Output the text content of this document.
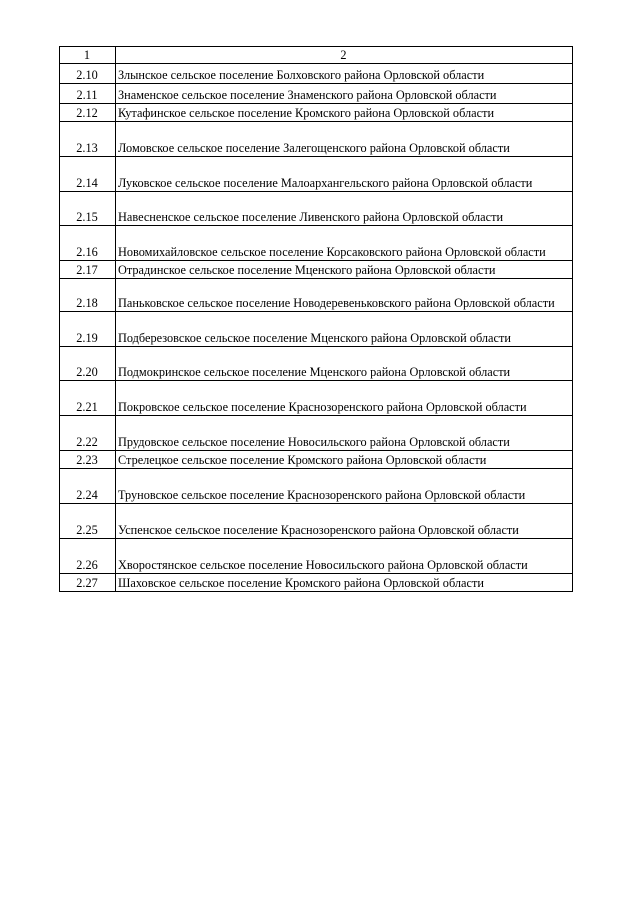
1	2
2.10	Злынское сельское поселение Болховского района Орловской области
2.11	Знаменское сельское поселение Знаменского района Орловской области
2.12	Кутафинское сельское поселение Кромского района Орловской области
2.13	Ломовское сельское поселение Залегощенского района Орловской области
2.14	Луковское сельское поселение Малоархангельского района Орловской области
2.15	Навесненское сельское поселение Ливенского района Орловской области
2.16	Новомихайловское сельское поселение Корсаковского района Орловской области
2.17	Отрадинское сельское поселение Мценского района Орловской области
2.18	Паньковское сельское поселение Новодеревеньковского района Орловской области
2.19	Подберезовское сельское поселение Мценского района Орловской области
2.20	Подмокринское сельское поселение Мценского района Орловской области
2.21	Покровское сельское поселение Краснозоренского района Орловской области
2.22	Прудовское сельское поселение Новосильского района Орловской области
2.23	Стрелецкое сельское поселение Кромского района Орловской области
2.24	Труновское сельское поселение Краснозоренского района Орловской области
2.25	Успенское сельское поселение Краснозоренского района Орловской области
2.26	Хворостянское сельское поселение Новосильского района Орловской области
2.27	Шаховское сельское поселение Кромского района Орловской области
